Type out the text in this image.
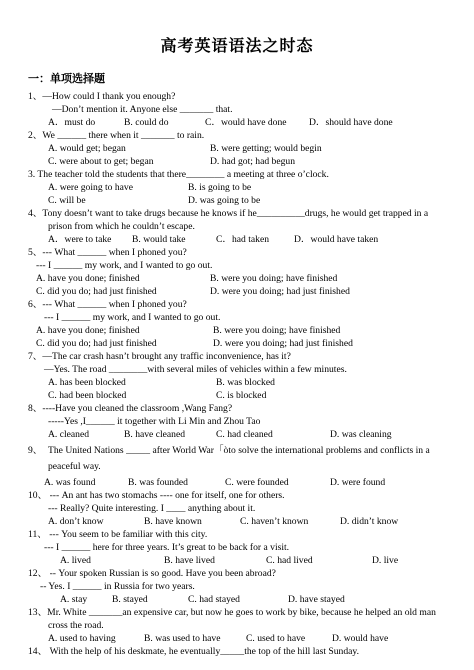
高考英语语法之时态
一：单项选择题
1、—How could I thank you enough?
—Don’t mention it. Anyone else _______ that.
A．must do	B. could do	C．would have done D．should have done
2、We ______ there when it _______ to rain.
A. would get; began	B. were getting; would begin
C. were about to get; began	D. had got; had begun
3. The teacher told the students that there________ a meeting at three o’clock.
A. were going to have	B. is going to be
C. will be	D. was going to be
4、Tony doesn’t want to take drugs because he knows if he__________drugs, he would get trapped in a
prison from which he couldn’t escape.
A．were to take B. would take	C．had taken	D．would have taken
5、--- What ______ when I phoned you?
--- I ______ my work, and I wanted to go out.
A. have you done; finished	B. were you doing; have finished
C. did you do; had just finished	D. were you doing; had just finished
6、--- What ______ when I phoned you?
--- I ______ my work, and I wanted to go out.
A. have you done; finished	B. were you doing; have finished
C. did you do; had just finished	D. were you doing; had just finished
7、—The car crash hasn’t brought any traffic inconvenience, has it?
—Yes. The road ________with several miles of vehicles within a few minutes.
A. has been blocked	B. was blocked
C. had been blocked	C. is blocked
8、----Have you cleaned the classroom ,Wang Fang?
-----Yes ,I______ it together with Li Min and Zhou Tao
A. cleaned	B. have cleaned	C. had cleaned	D. was cleaning
9、 The United Nations _____ after World War「òto solve the international problems and conflicts in a
peaceful way.
A. was found	B. was founded	C. were founded	D. were found
10、 --- An ant has two stomachs ---- one for itself, one for others.
--- Really? Quite interesting. I ____ anything about it.
A. don’t know	B. have known	C. haven’t known	D. didn’t know
11、 --- You seem to be familiar with this city.
--- I ______ here for three years. It’s great to be back for a visit.
A. lived	B. have lived	C. had lived	D. live
12、 -- Your spoken Russian is so good. Have you been abroad?
-- Yes. I ______ in Russia for two years.
A. stay	B. stayed	C. had stayed	D. have stayed
13、Mr. White _______an expensive car, but now he goes to work by bike, because he helped an old man
cross the road.
A. used to having	B. was used to have	C. used to have	D. would have
14、 With the help of his deskmate, he eventually_____the top of the hill last Sunday.
